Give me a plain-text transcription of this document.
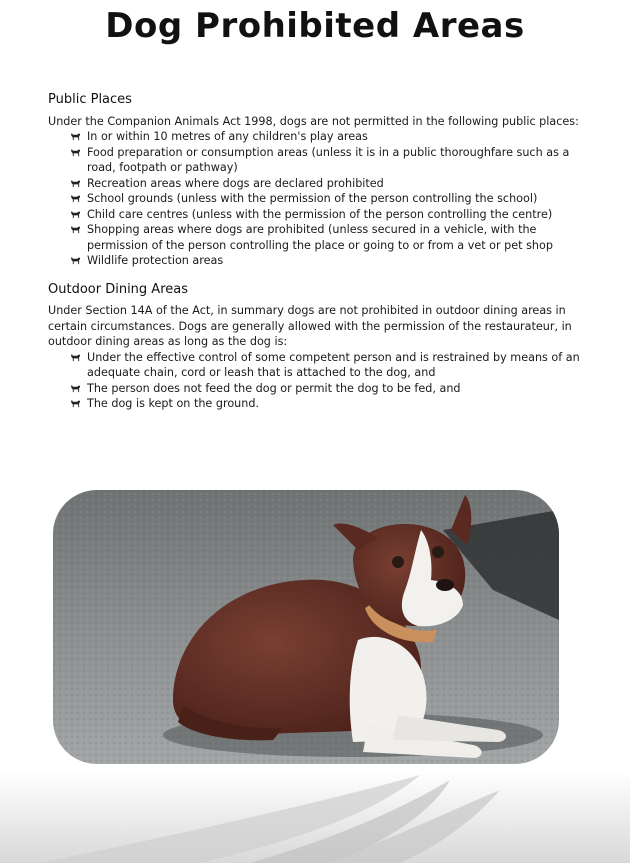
Dog Prohibited Areas
Public Places

Under the Companion Animals Act 1998, dogs are not permitted in the following public places:

In or within 10 metres of any children's play areas
Food preparation or consumption areas (unless it is in a public thoroughfare such as a road, footpath or pathway)
Recreation areas where dogs are declared prohibited
School grounds (unless with the permission of the person controlling the school)
Child care centres (unless with the permission of the person controlling the centre)
Shopping areas where dogs are prohibited (unless secured in a vehicle, with the permission of the person controlling the place or going to or from a vet or pet shop
Wildlife protection areas
Outdoor Dining Areas

Under Section 14A of the Act, in summary dogs are not prohibited in outdoor dining areas in certain circumstances. Dogs are generally allowed with the permission of the restaurateur, in outdoor dining areas as long as the dog is:

Under the effective control of some competent person and is restrained by means of an adequate chain, cord or leash that is attached to the dog, and
The person does not feed the dog or permit the dog to be fed, and
The dog is kept on the ground.
